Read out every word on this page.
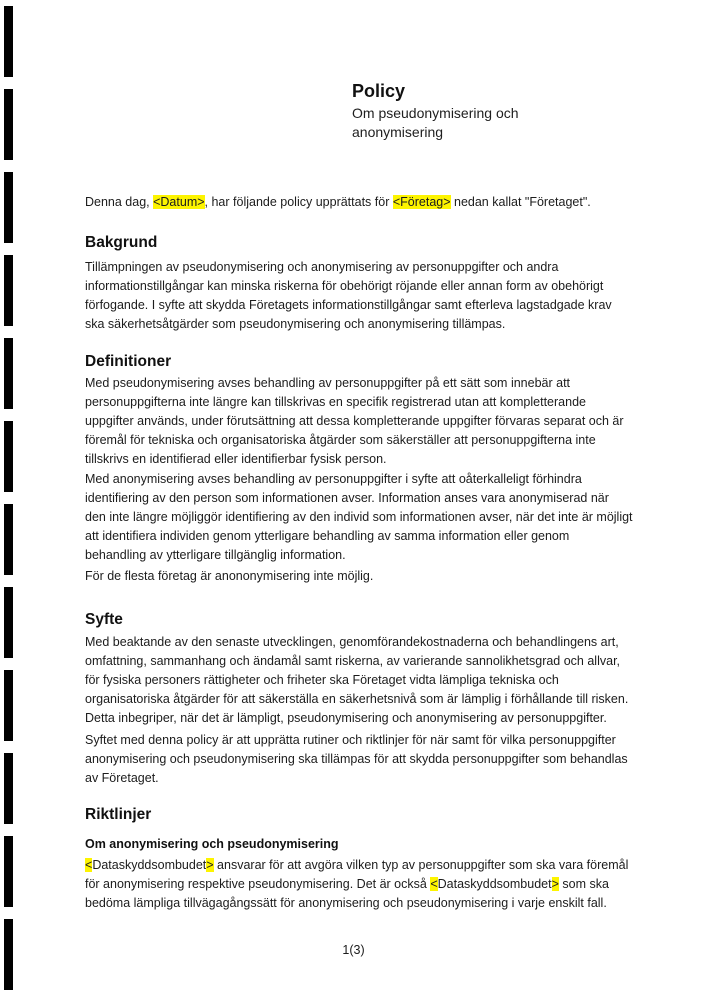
Policy
Om pseudonymisering och
anonymisering

Denna dag, <Datum>, har följande policy upprättats för <Företag> nedan kallat "Företaget".

Bakgrund

Tillämpningen av pseudonymisering och anonymisering av personuppgifter och andra informationstillgångar kan minska riskerna för obehörigt röjande eller annan form av obehörigt förfogande. I syfte att skydda Företagets informationstillgångar samt efterleva lagstadgade krav ska säkerhetsåtgärder som pseudonymisering och anonymisering tillämpas.

Definitioner

Med pseudonymisering avses behandling av personuppgifter på ett sätt som innebär att personuppgifterna inte längre kan tillskrivas en specifik registrerad utan att kompletterande uppgifter används, under förutsättning att dessa kompletterande uppgifter förvaras separat och är föremål för tekniska och organisatoriska åtgärder som säkerställer att personuppgifterna inte tillskrivs en identifierad eller identifierbar fysisk person.

Med anonymisering avses behandling av personuppgifter i syfte att oåterkalleligt förhindra identifiering av den person som informationen avser. Information anses vara anonymiserad när den inte längre möjliggör identifiering av den individ som informationen avser, när det inte är möjligt att identifiera individen genom ytterligare behandling av samma information eller genom behandling av ytterligare tillgänglig information.

För de flesta företag är anononymisering inte möjlig.

Syfte

Med beaktande av den senaste utvecklingen, genomförandekostnaderna och behandlingens art, omfattning, sammanhang och ändamål samt riskerna, av varierande sannolikhetsgrad och allvar, för fysiska personers rättigheter och friheter ska Företaget vidta lämpliga tekniska och organisatoriska åtgärder för att säkerställa en säkerhetsnivå som är lämplig i förhållande till risken. Detta inbegriper, när det är lämpligt, pseudonymisering och anonymisering av personuppgifter.

Syftet med denna policy är att upprätta rutiner och riktlinjer för när samt för vilka personuppgifter anonymisering och pseudonymisering ska tillämpas för att skydda personuppgifter som behandlas av Företaget.

Riktlinjer

Om anonymisering och pseudonymisering

<Dataskyddsombudet> ansvarar för att avgöra vilken typ av personuppgifter som ska vara föremål för anonymisering respektive pseudonymisering. Det är också <Dataskyddsombudet> som ska bedöma lämpliga tillvägagångssätt för anonymisering och pseudonymisering i varje enskilt fall.

1(3)
